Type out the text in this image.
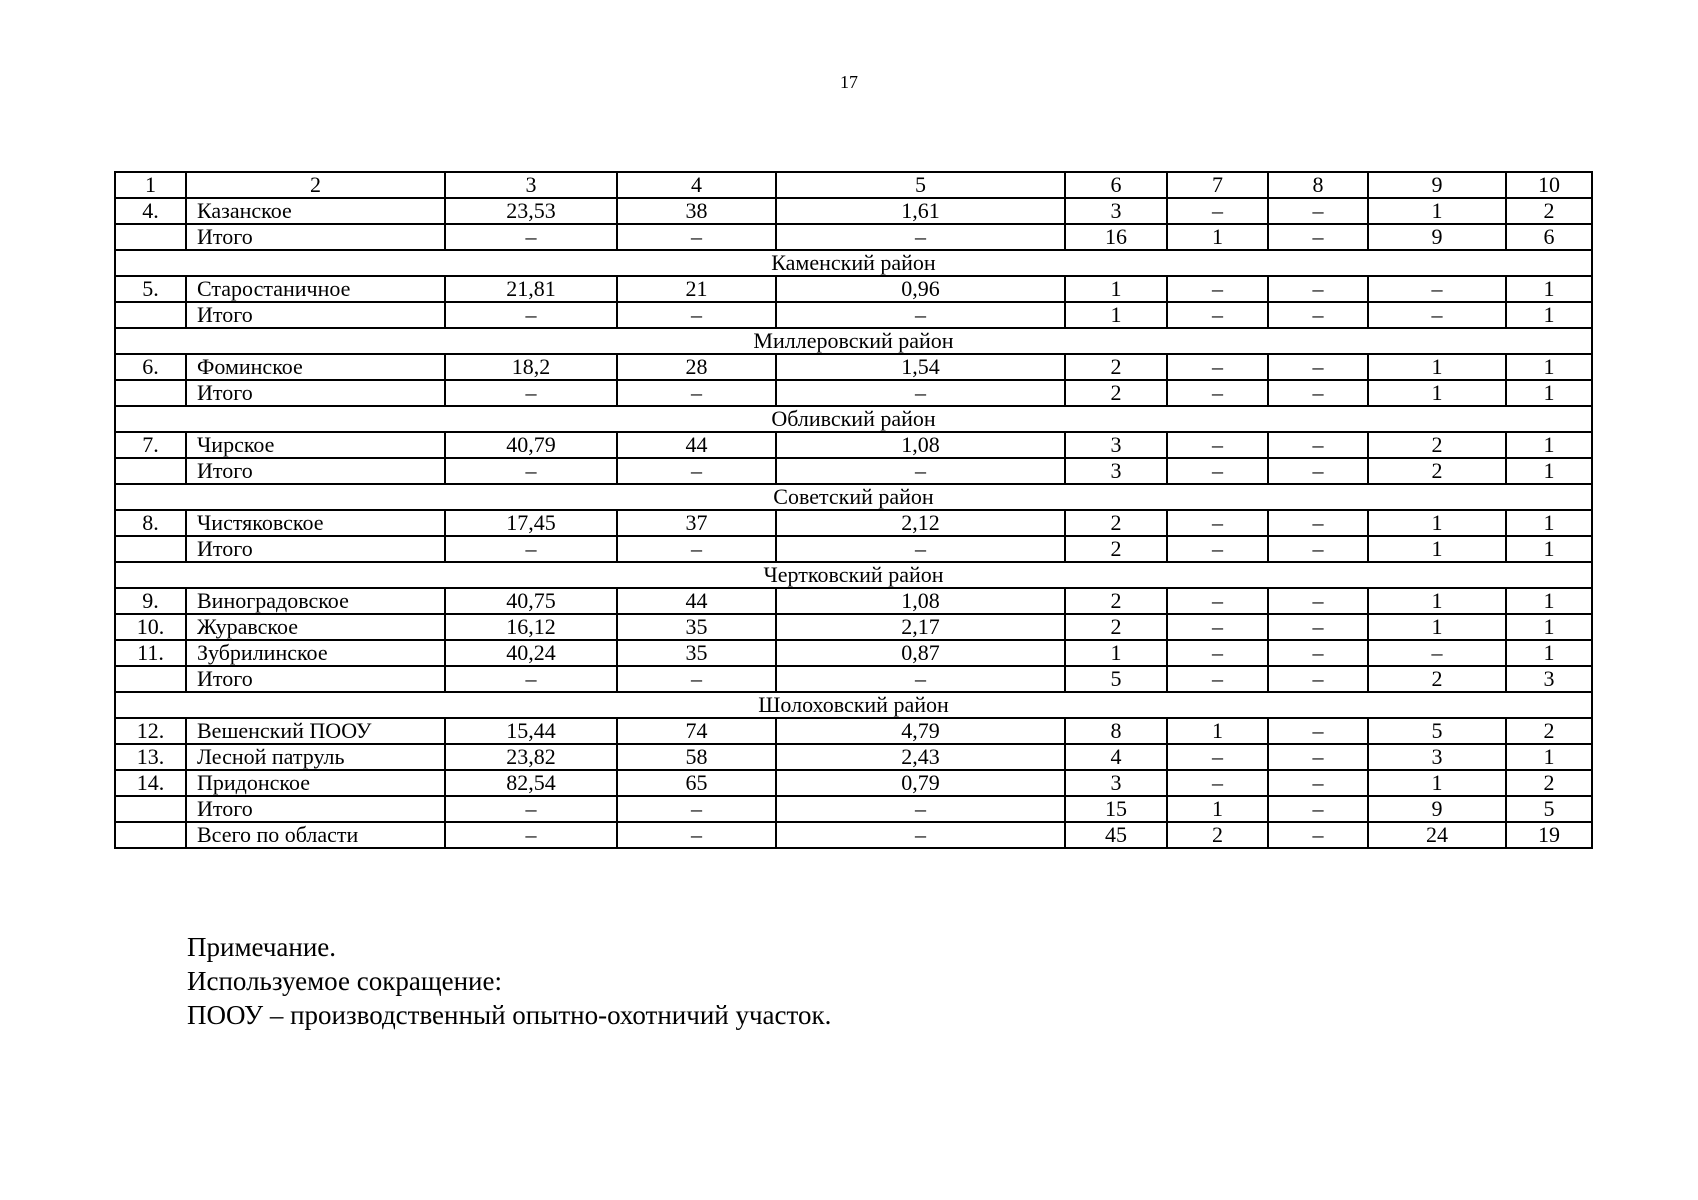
17
1	2	3	4	5	6	7	8	9	10
4.	Казанское	23,53	38	1,61	3	–	–	1	2
	Итого	–	–	–	16	1	–	9	6
Каменский район									
5.	Старостаничное	21,81	21	0,96	1	–	–	–	1
	Итого	–	–	–	1	–	–	–	1
Миллеровский район									
6.	Фоминское	18,2	28	1,54	2	–	–	1	1
	Итого	–	–	–	2	–	–	1	1
Обливский район									
7.	Чирское	40,79	44	1,08	3	–	–	2	1
	Итого	–	–	–	3	–	–	2	1
Советский район									
8.	Чистяковское	17,45	37	2,12	2	–	–	1	1
	Итого	–	–	–	2	–	–	1	1
Чертковский район									
9.	Виноградовское	40,75	44	1,08	2	–	–	1	1
10.	Журавское	16,12	35	2,17	2	–	–	1	1
11.	Зубрилинское	40,24	35	0,87	1	–	–	–	1
	Итого	–	–	–	5	–	–	2	3
Шолоховский район									
12.	Вешенский ПООУ	15,44	74	4,79	8	1	–	5	2
13.	Лесной патруль	23,82	58	2,43	4	–	–	3	1
14.	Придонское	82,54	65	0,79	3	–	–	1	2
	Итого	–	–	–	15	1	–	9	5
	Всего по области	–	–	–	45	2	–	24	19
Примечание.
Используемое сокращение:
ПООУ – производственный опытно-охотничий участок.
